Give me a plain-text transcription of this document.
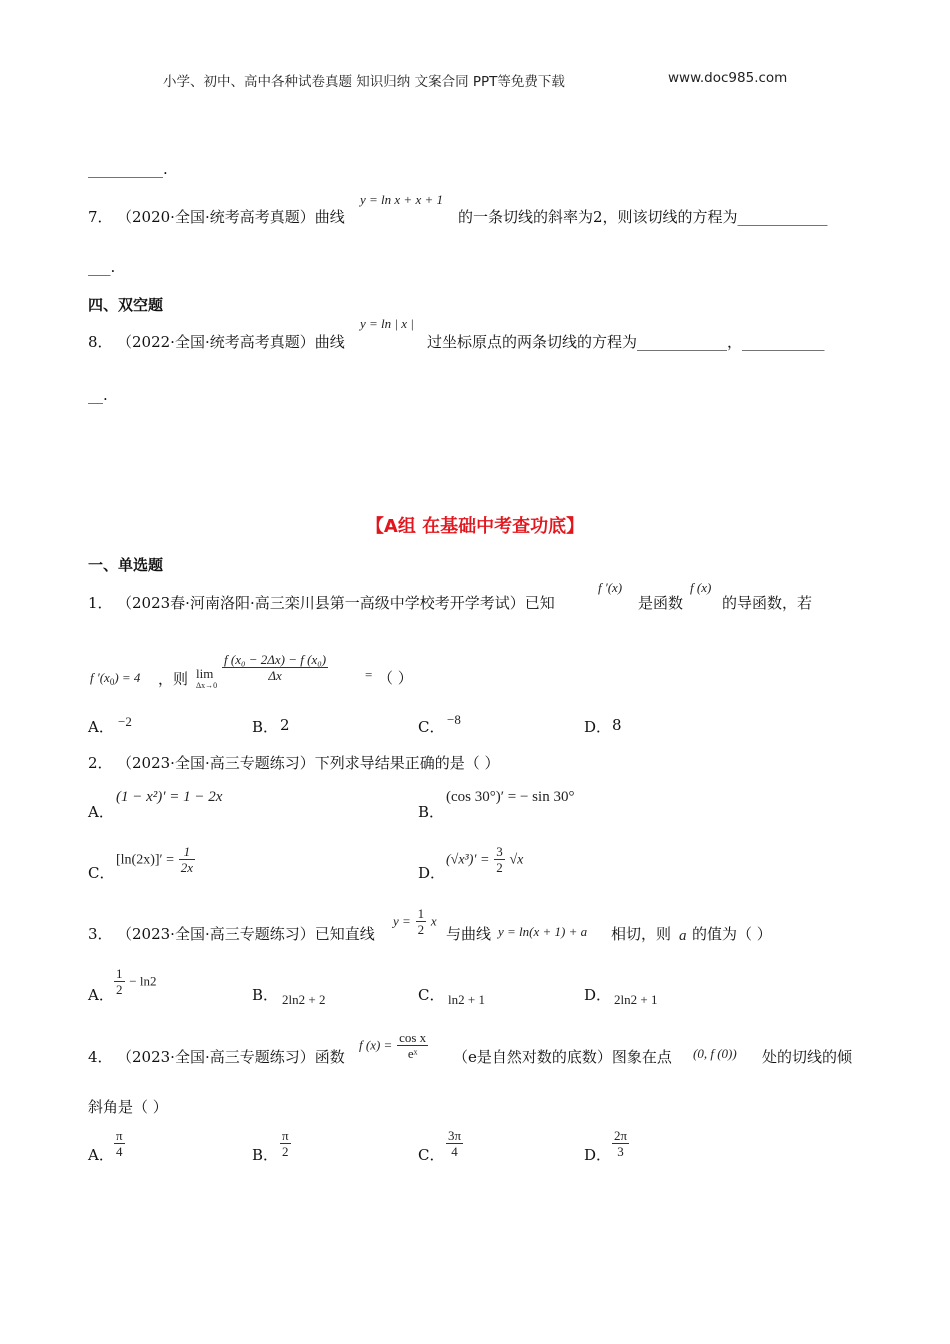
小学、初中、高中各种试卷真题 知识归纳 文案合同 PPT等免费下载	www.doc985.com
__________.
7． （2020·全国·统考高考真题）曲线
y = ln x + x + 1
的一条切线的斜率为2，则该切线的方程为____________
___.
四、双空题
8． （2022·全国·统考高考真题）曲线
y = ln | x |
过坐标原点的两条切线的方程为____________，___________
__.
【A组 在基础中考查功底】
一、单选题
1． （2023春·河南洛阳·高三栾川县第一高级中学校考开学考试）已知
f ′(x)
是函数
f (x)
的导函数，若
f $'(x_0) = 4$ ，则 lim
Δx→0
$\frac{\text{f (x₀ − 2Δx) − f (x₀)}}{\Delta x}$	= （ ）
A． −2	B． 2	C． −8	D． 8
2． （2023·全国·高三专题练习）下列求导结果正确的是（ ）
A．
(1 − x²)′ = 1 − 2x
B．
(cos 30°)′ = − sin 30°
C．
$[\ln(2x)]' = \frac{1}{2x}$	D．
$(√x^3)' = \frac{3}{2} √x$
3． （2023·全国·高三专题练习）已知直线
$y = \frac{1}{2}$ x
与曲线 y = ln(x + 1) + a 相切，则 a 的值为（ ）
A． $\frac{1}{2} - \ln 2$
B． 2ln2 + 2	C． ln2 + 1	D． 2ln2 + 1
4． （2023·全国·高三专题练习）函数
f $(x) = \frac{\text{cos x}}{\text{eˣ}} (e$是自然对数的底数）图象在点 (0, f (0)) 处的切线的倾
斜角是（ ）
A． $\frac{\pi}{4}$	B． $\frac{\pi}{2}$	C． $\frac{3\pi}{4}$	D． $\frac{2\pi}{3}$
